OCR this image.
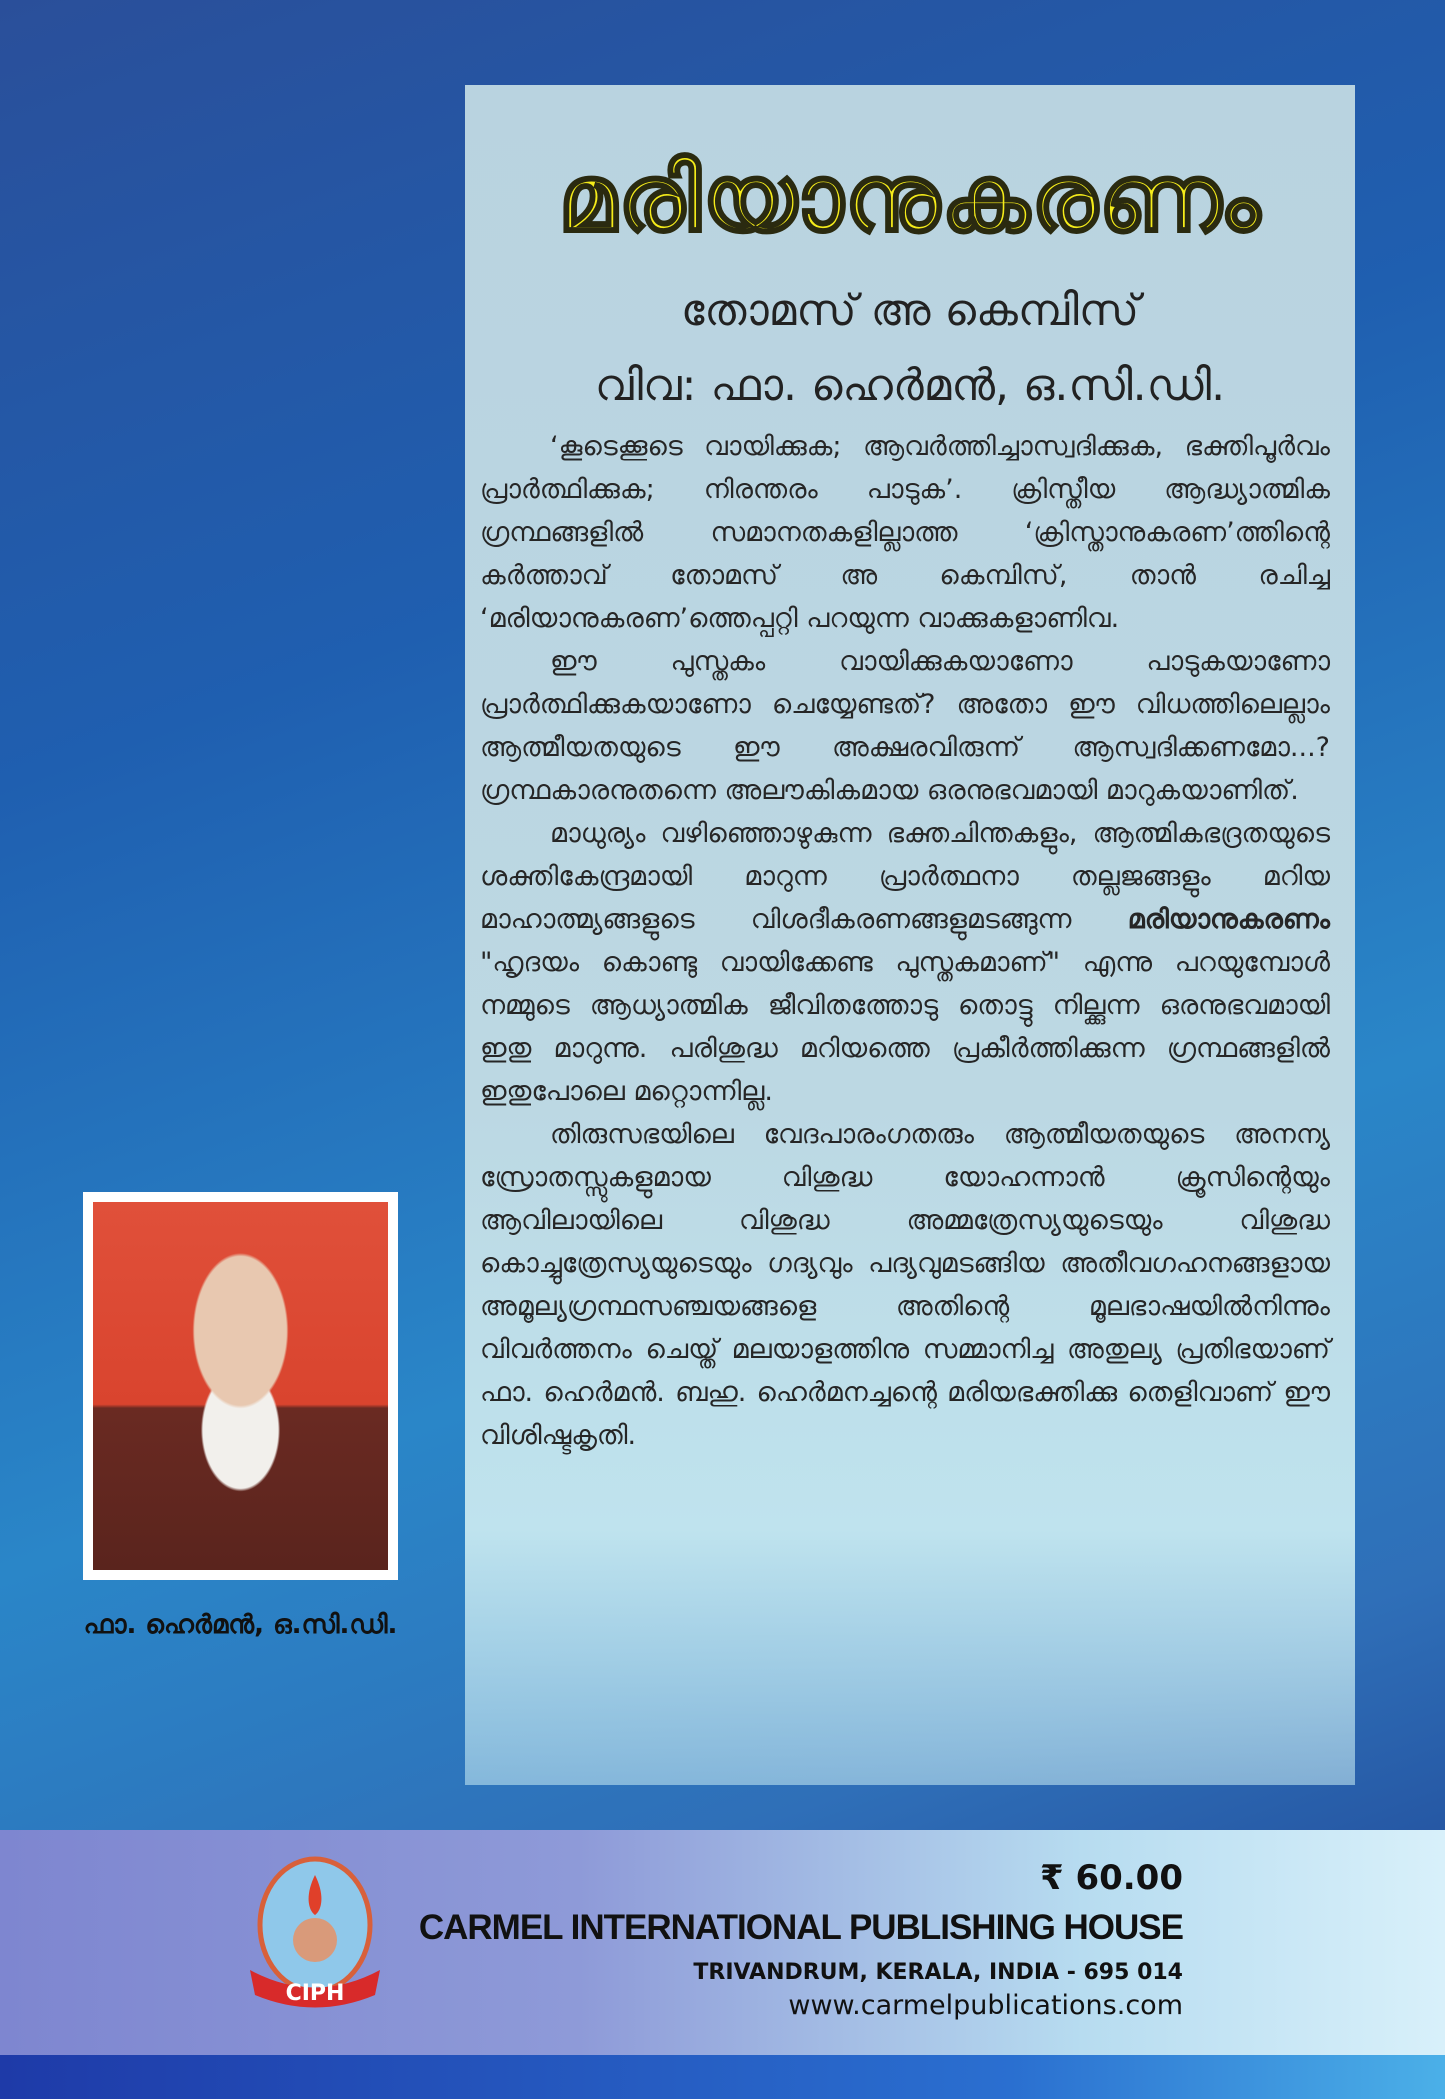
മരിയാനുകരണം
തോമസ് അ കെമ്പിസ്
വിവ: ഫാ. ഹെർമൻ, ഒ.സി.ഡി.

‘കൂടെക്കൂടെ വായിക്കുക; ആവർത്തിച്ചാസ്വദിക്കുക, ഭക്തിപൂർവം പ്രാർത്ഥിക്കുക; നിരന്തരം പാടുക’. ക്രിസ്തീയ ആദ്ധ്യാത്മിക ഗ്രന്ഥങ്ങളിൽ സമാനതകളില്ലാത്ത ‘ക്രിസ്താനുകരണ’ത്തിന്റെ കർത്താവ് തോമസ് അ കെമ്പിസ്, താൻ രചിച്ച ‘മരിയാനുകരണ’ത്തെപ്പറ്റി പറയുന്ന വാക്കുകളാണിവ.

ഈ പുസ്തകം വായിക്കുകയാണോ പാടുകയാണോ പ്രാർത്ഥിക്കുകയാണോ ചെയ്യേണ്ടത്? അതോ ഈ വിധത്തിലെല്ലാം ആത്മീയതയുടെ ഈ അക്ഷരവിരുന്ന് ആസ്വദിക്കണമോ...? ഗ്രന്ഥകാരനുതന്നെ അലൗകികമായ ഒരനുഭവമായി മാറുകയാണിത്.

മാധുര്യം വഴിഞ്ഞൊഴുകുന്ന ഭക്തചിന്തകളും, ആത്മികഭദ്രതയുടെ ശക്തികേന്ദ്രമായി മാറുന്ന പ്രാർത്ഥനാ തല്ലജങ്ങളും മറിയ മാഹാത്മ്യങ്ങളുടെ വിശദീകരണങ്ങളുമടങ്ങുന്ന മരിയാനുകരണം "ഹൃദയം കൊണ്ടു വായിക്കേണ്ട പുസ്തകമാണ്" എന്നു പറയുമ്പോൾ നമ്മുടെ ആധ്യാത്മിക ജീവിതത്തോടു തൊട്ടു നില്ക്കുന്ന ഒരനുഭവമായി ഇതു മാറുന്നു. പരിശുദ്ധ മറിയത്തെ പ്രകീർത്തിക്കുന്ന ഗ്രന്ഥങ്ങളിൽ ഇതുപോലെ മറ്റൊന്നില്ല.

തിരുസഭയിലെ വേദപാരംഗതരും ആത്മീയതയുടെ അനന്യ സ്രോതസ്സുകളുമായ വിശുദ്ധ യോഹന്നാൻ ക്രൂസിന്റെയും ആവിലായിലെ വിശുദ്ധ അമ്മത്രേസ്യയുടെയും വിശുദ്ധ കൊച്ചുത്രേസ്യയുടെയും ഗദ്യവും പദ്യവുമടങ്ങിയ അതീവഗഹനങ്ങളായ അമൂല്യഗ്രന്ഥസഞ്ചയങ്ങളെ അതിന്റെ മൂലഭാഷയിൽനിന്നും വിവർത്തനം ചെയ്ത് മലയാളത്തിനു സമ്മാനിച്ച അതുല്യ പ്രതിഭയാണ് ഫാ. ഹെർമൻ. ബഹു. ഹെർമനച്ചന്റെ മരിയഭക്തിക്കു തെളിവാണ് ഈ വിശിഷ്ടകൃതി.

ഫാ. ഹെർമൻ, ഒ.സി.ഡി.
CIPH
₹ 60.00
CARMEL INTERNATIONAL PUBLISHING HOUSE
TRIVANDRUM, KERALA, INDIA - 695 014
www.carmelpublications.com
